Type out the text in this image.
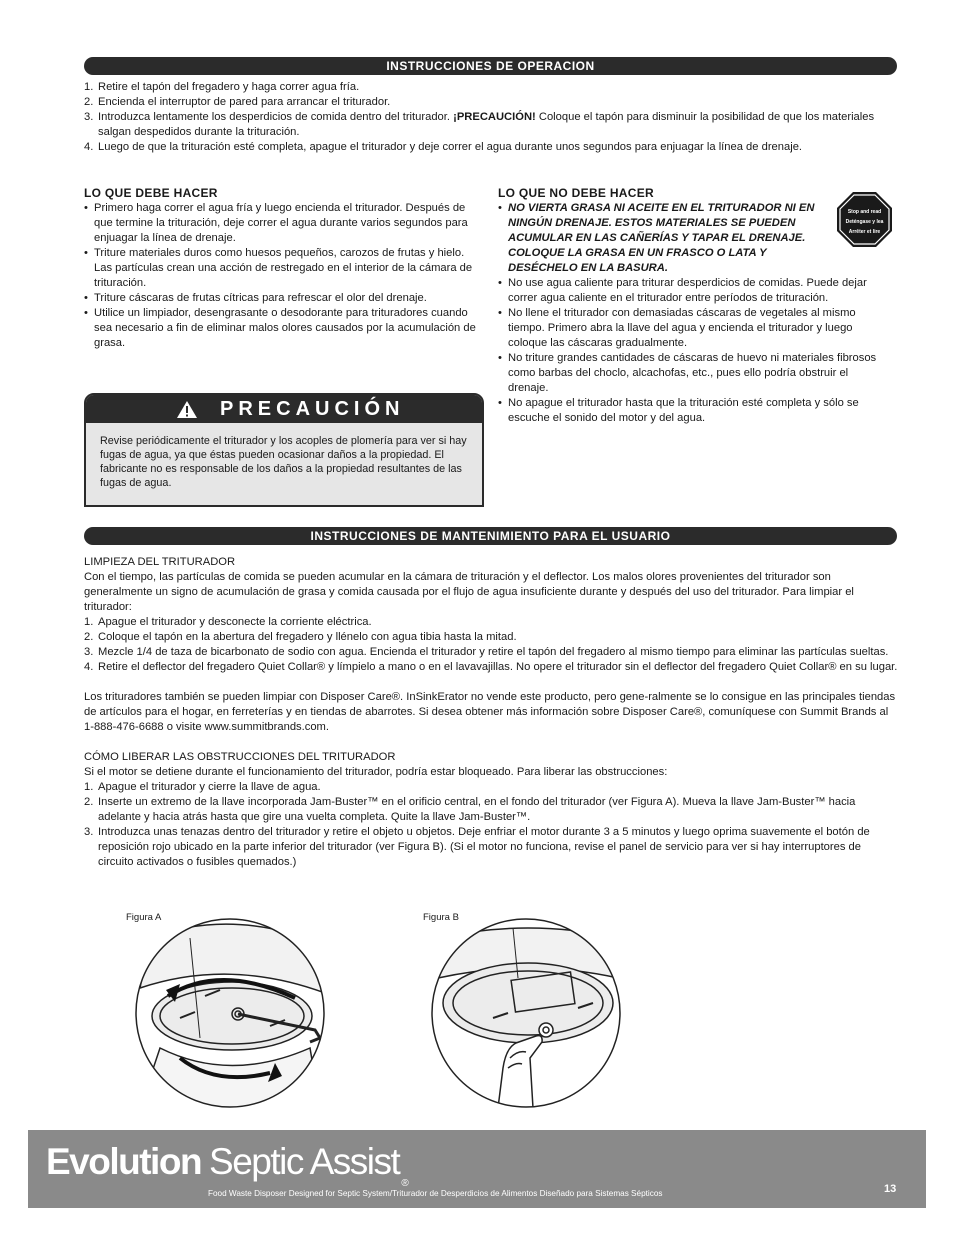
INSTRUCCIONES DE OPERACION
1. Retire el tapón del fregadero y haga correr agua fría.
2. Encienda el interruptor de pared para arrancar el triturador.
3. Introduzca lentamente los desperdicios de comida dentro del triturador. ¡PRECAUCIÓN! Coloque el tapón para disminuir la posibilidad de que los materiales salgan despedidos durante la trituración.
4. Luego de que la trituración esté completa, apague el triturador y deje correr el agua durante unos segundos para enjuagar la línea de drenaje.
LO QUE DEBE HACER
• Primero haga correr el agua fría y luego encienda el triturador. Después de que termine la trituración, deje correr el agua durante varios segundos para enjuagar la línea de drenaje.
• Triture materiales duros como huesos pequeños, carozos de frutas y hielo. Las partículas crean una acción de restregado en el interior de la cámara de trituración.
• Triture cáscaras de frutas cítricas para refrescar el olor del drenaje.
• Utilice un limpiador, desengrasante o desodorante para trituradores cuando sea necesario a fin de eliminar malos olores causados por la acumulación de grasa.
LO QUE NO DEBE HACER
• NO VIERTA GRASA NI ACEITE EN EL TRITURADOR NI EN NINGÚN DRENAJE. ESTOS MATERIALES SE PUEDEN ACUMULAR EN LAS CAÑERÍAS Y TAPAR EL DRENAJE. COLOQUE LA GRASA EN UN FRASCO O LATA Y DESÉCHELO EN LA BASURA.
• No use agua caliente para triturar desperdicios de comidas. Puede dejar correr agua caliente en el triturador entre períodos de trituración.
• No llene el triturador con demasiadas cáscaras de vegetales al mismo tiempo. Primero abra la llave del agua y encienda el triturador y luego coloque las cáscaras gradualmente.
• No triture grandes cantidades de cáscaras de huevo ni materiales fibrosos como barbas del choclo, alcachofas, etc., pues ello podría obstruir el drenaje.
• No apague el triturador hasta que la trituración esté completa y sólo se escuche el sonido del motor y del agua.
Stop and read
Deténgase y lea
Arrêter et lire
PRECAUCIÓN
Revise periódicamente el triturador y los acoples de plomería para ver si hay fugas de agua, ya que éstas pueden ocasionar daños a la propiedad. El fabricante no es responsable de los daños a la propiedad resultantes de las fugas de agua.
INSTRUCCIONES DE MANTENIMIENTO PARA EL USUARIO
LIMPIEZA DEL TRITURADOR
Con el tiempo, las partículas de comida se pueden acumular en la cámara de trituración y el deflector. Los malos olores provenientes del triturador son generalmente un signo de acumulación de grasa y comida causada por el flujo de agua insuficiente durante y después del uso del triturador. Para limpiar el triturador:
1. Apague el triturador y desconecte la corriente eléctrica.
2. Coloque el tapón en la abertura del fregadero y llénelo con agua tibia hasta la mitad.
3. Mezcle 1/4 de taza de bicarbonato de sodio con agua. Encienda el triturador y retire el tapón del fregadero al mismo tiempo para eliminar las partículas sueltas.
4. Retire el deflector del fregadero Quiet Collar® y límpielo a mano o en el lavavajillas. No opere el triturador sin el deflector del fregadero Quiet Collar® en su lugar.
Los trituradores también se pueden limpiar con Disposer Care®. InSinkErator no vende este producto, pero gene-ralmente se lo consigue en las principales tiendas de artículos para el hogar, en ferreterías y en tiendas de abarrotes. Si desea obtener más información sobre Disposer Care®, comuníquese con Summit Brands al 1-888-476-6688 o visite www.summitbrands.com.
CÓMO LIBERAR LAS OBSTRUCCIONES DEL TRITURADOR
Si el motor se detiene durante el funcionamiento del triturador, podría estar bloqueado. Para liberar las obstrucciones:
1. Apague el triturador y cierre la llave de agua.
2. Inserte un extremo de la llave incorporada Jam-Buster™ en el orificio central, en el fondo del triturador (ver Figura A). Mueva la llave Jam-Buster™ hacia adelante y hacia atrás hasta que gire una vuelta completa. Quite la llave Jam-Buster™.
3. Introduzca unas tenazas dentro del triturador y retire el objeto u objetos. Deje enfriar el motor durante 3 a 5 minutos y luego oprima suavemente el botón de reposición rojo ubicado en la parte inferior del triturador (ver Figura B). (Si el motor no funciona, revise el panel de servicio para ver si hay interruptores de circuito activados o fusibles quemados.)
Figura A	Figura B
Evolution Septic Assist®
Food Waste Disposer Designed for Septic System/Triturador de Desperdicios de Alimentos Diseñado para Sistemas Sépticos	13
